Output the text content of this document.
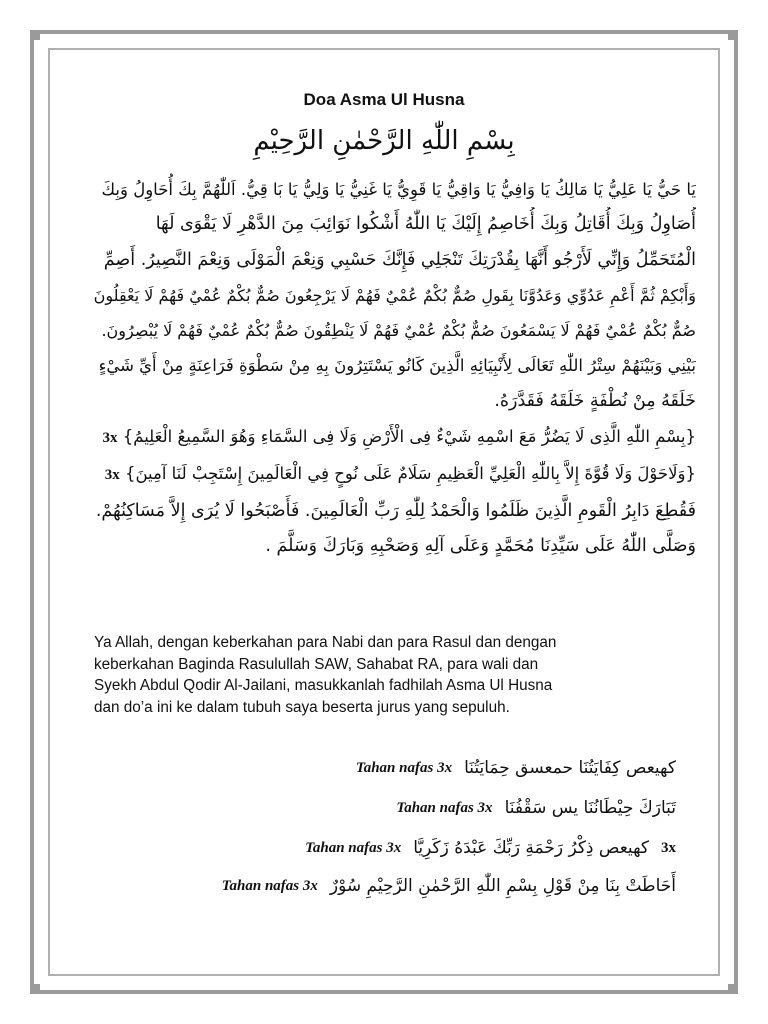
Doa Asma Ul Husna
بِسْمِ اللّٰهِ الرَّحْمٰنِ الرَّحِيْمِ
يَا حَيُّ يَا عَلِيُّ يَا مَالِكُ يَا وَافِيُّ يَا وَاقِيُّ يَا قَوِيُّ يَا غَنِيُّ يَا وَلِيُّ يَا بَا قِيُّ. اَللّٰهُمَّ بِكَ أُحَاوِلُ وَبِكَ
أُصَاوِلُ وَبِكَ أُقَاتِلُ وَبِكَ أُخَاصِمُ إِلَيْكَ يَا اللّٰهُ أَشْكُوا نَوَائِبَ مِنَ الدَّهْرِ لَا يَقْوَى لَهَا
الْمُتَحَمِّلُ وَإِنِّي لَأَرْجُو أَنَّهَا بِقُدْرَتِكَ تَنْجَلِي فَإِنَّكَ حَسْبِي وَنِعْمَ الْمَوْلَى وَنِعْمَ النَّصِيرُ. أَصِمِّ
وَأَبْكِمْ ثُمَّ أَعْمِ عَدُوِّي وَعَدُوَّنَا بِقَولِ صُمٌّ بُكْمٌ عُمْيٌ فَهُمْ لَا يَرْجِعُونَ صُمٌّ بُكْمٌ عُمْيٌ فَهُمْ لَا يَعْقِلُونَ
صُمٌّ بُكْمٌ عُمْيٌ فَهُمْ لَا يَسْمَعُونَ صُمٌّ بُكْمٌ عُمْيٌ فَهُمْ لَا يَنْطِقُونَ صُمٌّ بُكْمٌ عُمْيٌ فَهُمْ لَا يُبْصِرُونَ.
بَيْنِي وَبَيْنَهُمْ سِتْرُ اللّٰهِ تَعَالَى لِأَنْبِيَائِهِ الَّذِينَ كَانُو يَسْتَتِرُونَ بِهِ مِنْ سَطْوَةِ فَرَاعِنَةٍ مِنْ أَيِّ شَيْءٍ
خَلَقَهُ مِنْ نُطْفَةٍ خَلَقَهُ فَقَدَّرَهُ.
{بِسْمِ اللّٰهِ الَّذِى لَا يَضُرُّ مَعَ اسْمِهِ شَيْءٌ فِى الْأَرْضِ وَلَا فِى السَّمَاءِ وَهُوَ السَّمِيعُ الْعَلِيمُ} 3x
{وَلَاحَوْلَ وَلَا قُوَّةَ إِلاَّ بِاللّٰهِ الْعَلِيِّ الْعَظِيمِ سَلَامٌ عَلَى نُوحٍ فِي الْعَالَمِينَ إِسْتَجِبْ لَنَا آمِينَ} 3x
فَقُطِعَ دَابِرُ الْقَومِ الَّذِينَ ظَلَمُوا وَالْحَمْدُ لِلّٰهِ رَبِّ الْعَالَمِينَ. فَأَصْبَحُوا لَا يُرَى إِلاَّ مَسَاكِنُهُمْ.
وَصَلَّى اللّٰهُ عَلَى سَيِّدِنَا مُحَمَّدٍ وَعَلَى آلِهِ وَصَحْبِهِ وَبَارَكَ وَسَلَّمَ .
Ya Allah, dengan keberkahan para Nabi dan para Rasul dan dengan
keberkahan Baginda Rasulullah SAW, Sahabat RA, para wali dan
Syekh Abdul Qodir Al-Jailani, masukkanlah fadhilah Asma Ul Husna
dan do’a ini ke dalam tubuh saya beserta jurus yang sepuluh.
Tahan nafas 3x كهيعص كِفَايَتُنَا حمعسق حِمَايَتُنَا
Tahan nafas 3x تَبَارَكَ حِيْطَانُنَا يس سَقْفُنَا
Tahan nafas 3x كهيعص ذِكْرُ رَحْمَةِ رَبِّكَ عَبْدَهُ زَكَرِيَّا 3x
Tahan nafas 3x أَحَاطَتْ بِنَا مِنْ قَوْلِ بِسْمِ اللّٰهِ الرَّحْمٰنِ الرَّحِيْمِ سُوْرٌ
